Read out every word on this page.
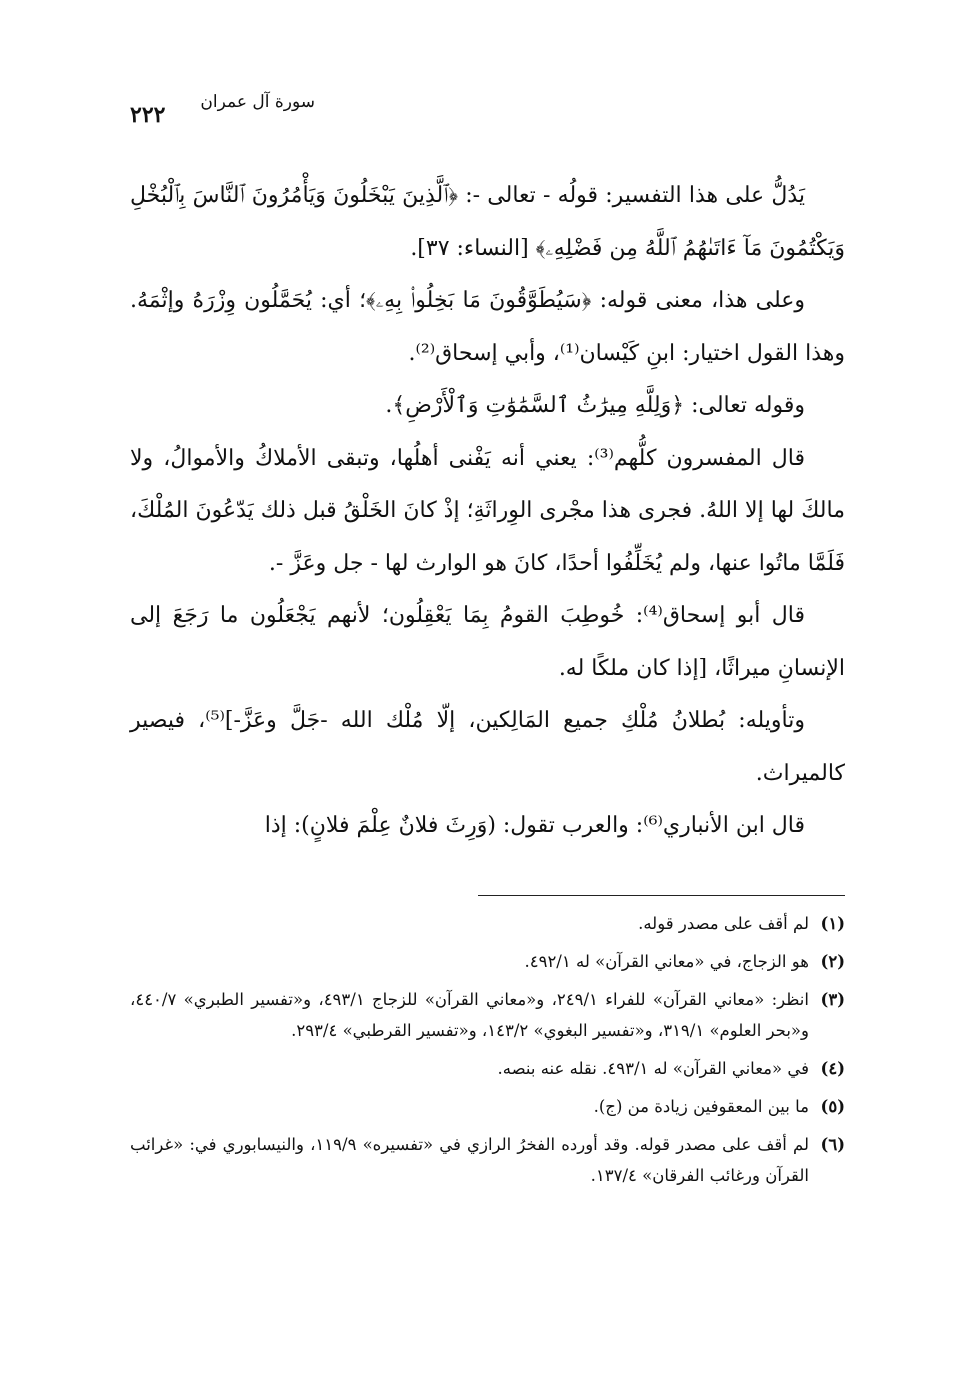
سورة آل عمران
٢٢٢

يَدُلُّ على هذا التفسير: قولُه - تعالى -: ﴿ٱلَّذِينَ يَبْخَلُونَ وَيَأْمُرُونَ ٱلنَّاسَ بِٱلْبُخْلِ وَيَكْتُمُونَ مَآ ءَاتَىٰهُمُ ٱللَّهُ مِن فَضْلِهِۦ﴾ [النساء: ٣٧].

وعلى هذا، معنى قوله: ﴿سَيُطَوَّقُونَ مَا بَخِلُوا۟ بِهِۦ﴾؛ أي: يُحَمَّلُون وِزْرَهُ وإثْمَهُ. وهذا القول اختيار: ابنِ كَيْسان⁽¹⁾، وأبي إسحاق⁽²⁾.

وقوله تعالى: ﴿وَلِلَّهِ مِيرَٰثُ ٱلسَّمَٰوَٰتِ وَٱلْأَرْضِ﴾.

قال المفسرون كلُّهم⁽³⁾: يعني أنه يَفْنى أهلُها، وتبقى الأملاكُ والأموالُ، ولا مالكَ لها إلا اللهُ. فجرى هذا مجْرى الوِراثَةِ؛ إذْ كانَ الخَلْقُ قبل ذلك يَدّعُونَ المُلْكَ، فَلَمَّا ماتُوا عنها، ولم يُخَلِّفُوا أحدًا، كانَ هو الوارث لها - جل وعَزَّ -.

قال أبو إسحاق⁽⁴⁾: خُوطِبَ القومُ بِمَا يَعْقِلُون؛ لأنهم يَجْعَلُون ما رَجَعَ إلى الإنسانِ ميراثًا، [إذا كان ملكًا له.

وتأويله: بُطلانُ مُلْكِ جميع المَالِكين، إلّا مُلْك الله -جَلَّ وعَزَّ-]⁽⁵⁾، فيصير كالميراث.

قال ابن الأنباري⁽⁶⁾: والعرب تقول: (وَرِثَ فلانٌ عِلْمَ فلانٍ): إذا

(١)
لم أقف على مصدر قوله.
(٢)
هو الزجاج، في «معاني القرآن» له ٤٩٢/١.
(٣)
انظر: «معاني القرآن» للفراء ٢٤٩/١، و«معاني القرآن» للزجاج ٤٩٣/١، و«تفسير الطبري» ٤٤٠/٧، و«بحر العلوم» ٣١٩/١، و«تفسير البغوي» ١٤٣/٢، و«تفسير القرطبي» ٢٩٣/٤.
(٤)
في «معاني القرآن» له ٤٩٣/١. نقله عنه بنصه.
(٥)
ما بين المعقوفين زيادة من (ج).
(٦)
لم أقف على مصدر قوله. وقد أورده الفخرُ الرازي في «تفسيره» ١١٩/٩، والنيسابوري في: «غرائب القرآن ورغائب الفرقان» ١٣٧/٤.
